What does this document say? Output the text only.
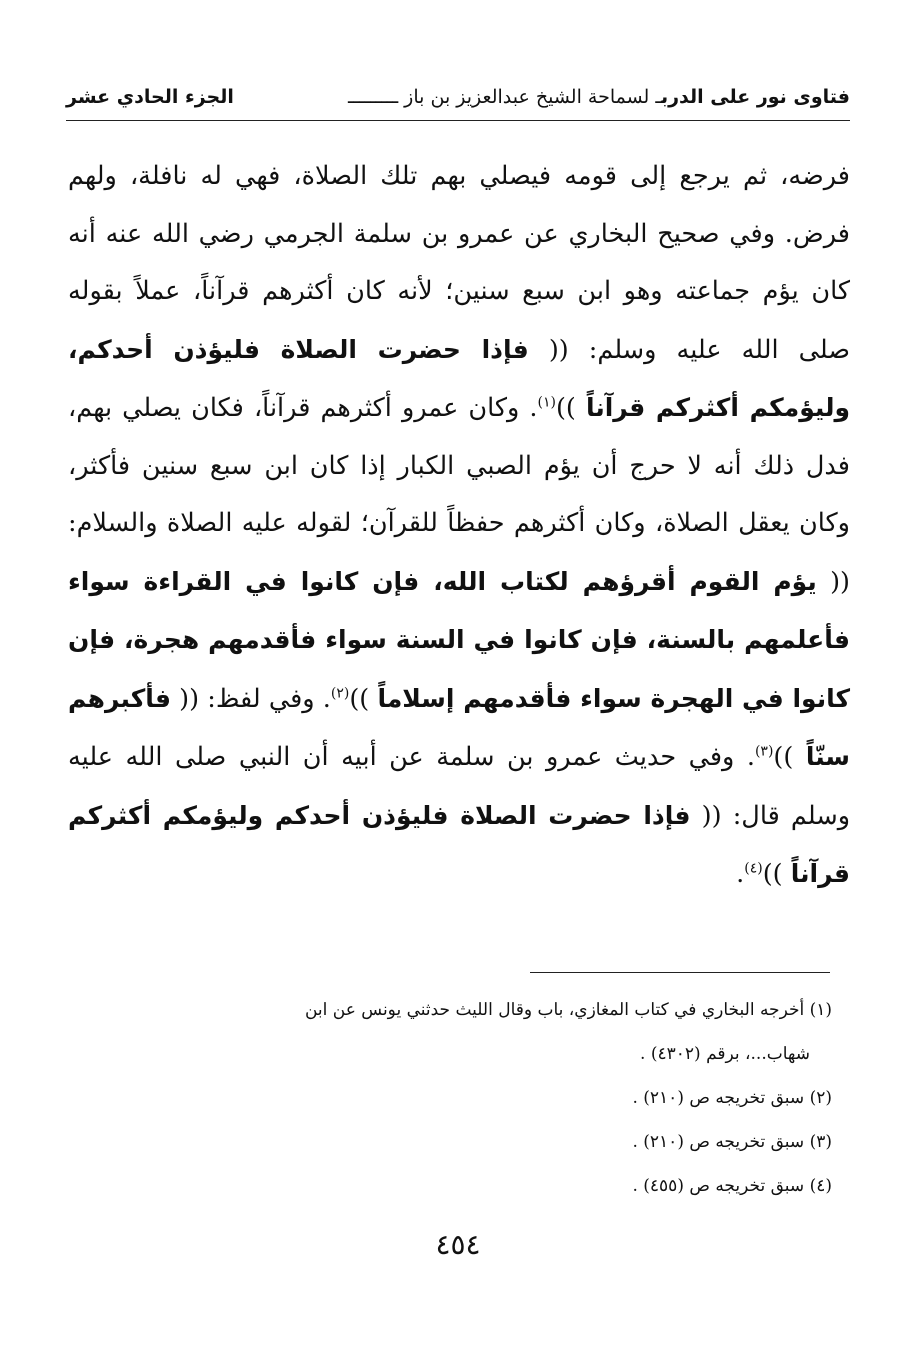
فتاوى نور على الدربـ لسماحة الشيخ عبدالعزيز بن باز ـــــــــ
الجزء الحادي عشر
فرضه، ثم يرجع إلى قومه فيصلي بهم تلك الصلاة، فهي له نافلة، ولهم فرض. وفي صحيح البخاري عن عمرو بن سلمة الجرمي رضي الله عنه أنه كان يؤم جماعته وهو ابن سبع سنين؛ لأنه كان أكثرهم قرآناً، عملاً بقوله صلى الله عليه وسلم: (( فإذا حضرت الصلاة فليؤذن أحدكم، وليؤمكم أكثركم قرآناً ))$^{(١)}$. وكان عمرو أكثرهم قرآناً، فكان يصلي بهم، فدل ذلك أنه لا حرج أن يؤم الصبي الكبار إذا كان ابن سبع سنين فأكثر، وكان يعقل الصلاة، وكان أكثرهم حفظاً للقرآن؛ لقوله عليه الصلاة والسلام: (( يؤم القوم أقرؤهم لكتاب الله، فإن كانوا في القراءة سواء فأعلمهم بالسنة، فإن كانوا في السنة سواء فأقدمهم هجرة، فإن كانوا في الهجرة سواء فأقدمهم إسلاماً ))$^{(٢)}$. وفي لفظ: (( فأكبرهم سنّاً ))$^{(٣)}$. وفي حديث عمرو بن سلمة عن أبيه أن النبي صلى الله عليه وسلم قال: (( فإذا حضرت الصلاة فليؤذن أحدكم وليؤمكم أكثركم قرآناً ))$^{(٤)}$.
(١) أخرجه البخاري في كتاب المغازي، باب وقال الليث حدثني يونس عن ابن
شهاب...، برقم (٤٣٠٢) .
(٢) سبق تخريجه ص (٢١٠) .
(٣) سبق تخريجه ص (٢١٠) .
(٤) سبق تخريجه ص (٤٥٥) .
٤٥٤
